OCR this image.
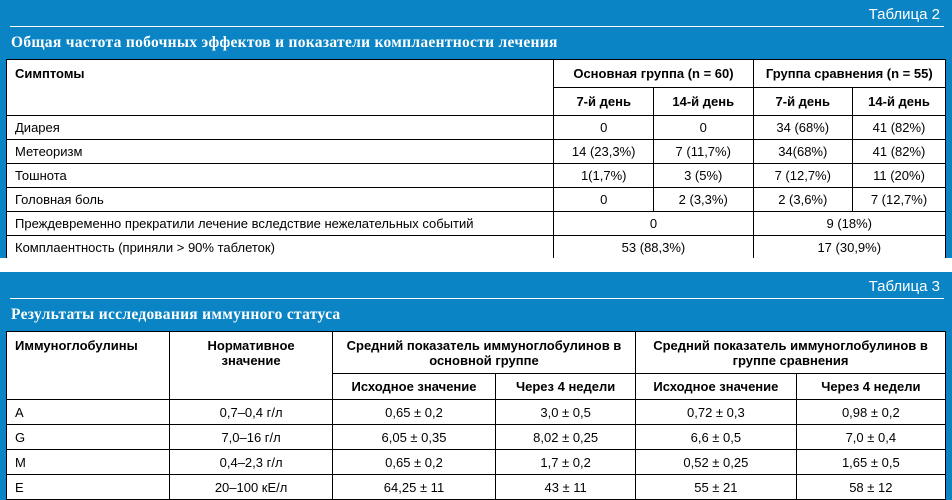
Таблица 2
Общая частота побочных эффектов и показатели комплаентности лечения
Симптомы	Основная группа (n = 60)		Группа сравнения (n = 55)	
	7-й день	14-й день	7-й день	14-й день
Диарея	0	0	34 (68%)	41 (82%)
Метеоризм	14 (23,3%)	7 (11,7%)	34(68%)	41 (82%)
Тошнота	1(1,7%)	3 (5%)	7 (12,7%)	11 (20%)
Головная боль	0	2 (3,3%)	2 (3,6%)	7 (12,7%)
Преждевременно прекратили лечение вследствие нежелательных событий	0		9 (18%)	
Комплаентность (приняли > 90% таблеток)	53 (88,3%)		17 (30,9%)	
Таблица 3
Результаты исследования иммунного статуса
Иммуноглобулины	Нормативное значение	Средний показатель иммуноглобулинов в основной группе		Средний показатель иммуноглобулинов в группе сравнения	
		Исходное значение	Через 4 недели	Исходное значение	Через 4 недели
А	0,7–0,4 г/л	0,65 ± 0,2	3,0 ± 0,5	0,72 ± 0,3	0,98 ± 0,2
G	7,0–16 г/л	6,05 ± 0,35	8,02 ± 0,25	6,6 ± 0,5	7,0 ± 0,4
М	0,4–2,3 г/л	0,65 ± 0,2	1,7 ± 0,2	0,52 ± 0,25	1,65 ± 0,5
Е	20–100 кЕ/л	64,25 ± 11	43 ± 11	55 ± 21	58 ± 12
